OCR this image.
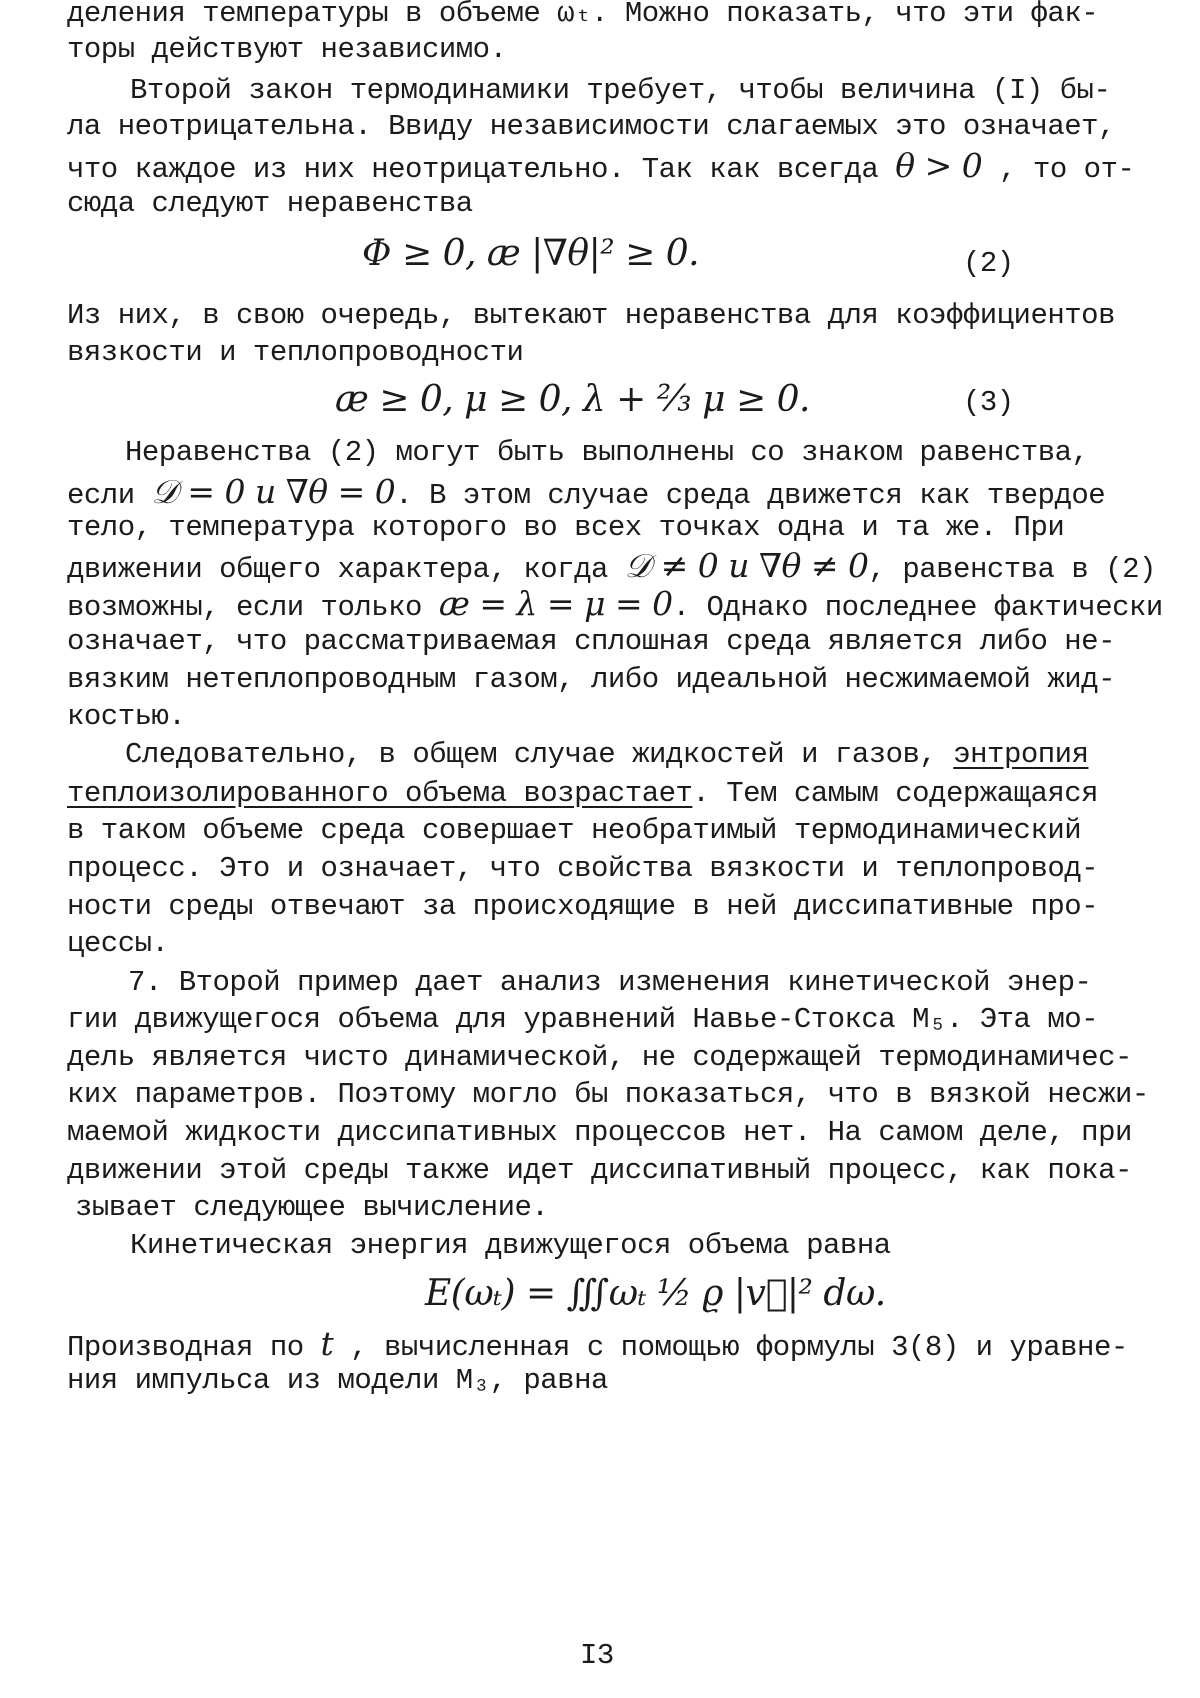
деления температуры в объеме ωₜ. Можно показать, что эти фак-
торы действуют независимо.
Второй закон термодинамики требует, чтобы величина (I) бы-
ла неотрицательна. Ввиду независимости слагаемых это означает,
что каждое из них неотрицательно. Так как всегда θ > 0 , то от-
сюда следуют неравенства
Φ ≥ 0, æ |∇θ|² ≥ 0.	(2)
Из них, в свою очередь, вытекают неравенства для коэффициентов
вязкости и теплопроводности
æ ≥ 0, μ ≥ 0, λ + ⅔ μ ≥ 0.	(3)
Неравенства (2) могут быть выполнены со знаком равенства,
если 𝒟 = 0 и ∇θ = 0. В этом случае среда движется как твердое
тело, температура которого во всех точках одна и та же. При
движении общего характера, когда 𝒟 ≠ 0 и ∇θ ≠ 0, равенства в (2)
возможны, если только æ = λ = μ = 0. Однако последнее фактически
означает, что рассматриваемая сплошная среда является либо не-
вязким нетеплопроводным газом, либо идеальной несжимаемой жид-
костью.
Следовательно, в общем случае жидкостей и газов, энтропия
теплоизолированного объема возрастает. Тем самым содержащаяся
в таком объеме среда совершает необратимый термодинамический
процесс. Это и означает, что свойства вязкости и теплопровод-
ности среды отвечают за происходящие в ней диссипативные про-
цессы.
7. Второй пример дает анализ изменения кинетической энер-
гии движущегося объема для уравнений Навье-Стокса M₅. Эта мо-
дель является чисто динамической, не содержащей термодинамичес-
ких параметров. Поэтому могло бы показаться, что в вязкой несжи-
маемой жидкости диссипативных процессов нет. На самом деле, при
движении этой среды также идет диссипативный процесс, как пока-
зывает следующее вычисление.
Кинетическая энергия движущегося объема равна
E(ωₜ) = ∭ωₜ ½ ϱ |v⃗|² dω.
Производная по t , вычисленная с помощью формулы 3(8) и уравне-
ния импульса из модели M₃, равна
I3
